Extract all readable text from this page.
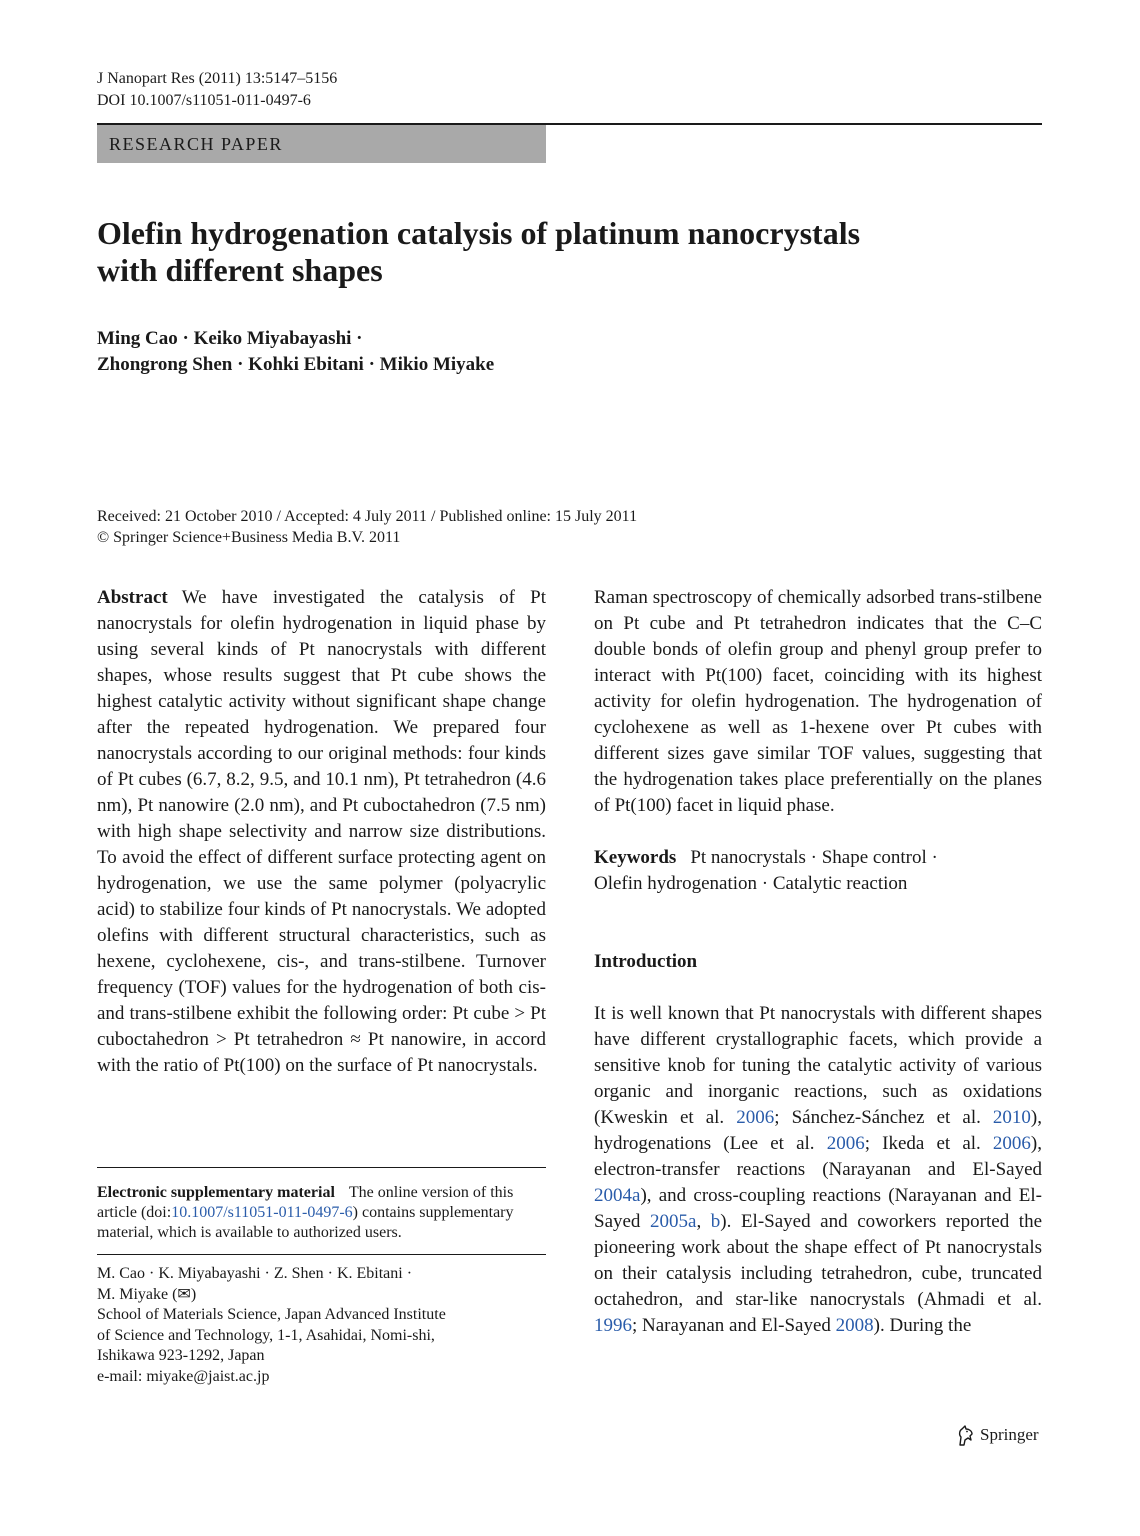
J Nanopart Res (2011) 13:5147–5156
DOI 10.1007/s11051-011-0497-6
RESEARCH PAPER
Olefin hydrogenation catalysis of platinum nanocrystals
with different shapes
Ming Cao · Keiko Miyabayashi ·
Zhongrong Shen · Kohki Ebitani · Mikio Miyake
Received: 21 October 2010 / Accepted: 4 July 2011 / Published online: 15 July 2011
© Springer Science+Business Media B.V. 2011

Abstract We have investigated the catalysis of Pt nanocrystals for olefin hydrogenation in liquid phase by using several kinds of Pt nanocrystals with different shapes, whose results suggest that Pt cube shows the highest catalytic activity without significant shape change after the repeated hydrogenation. We prepared four nanocrystals according to our original methods: four kinds of Pt cubes (6.7, 8.2, 9.5, and 10.1 nm), Pt tetrahedron (4.6 nm), Pt nanowire (2.0 nm), and Pt cuboctahedron (7.5 nm) with high shape selectivity and narrow size distributions. To avoid the effect of different surface protecting agent on hydrogenation, we use the same polymer (polyacrylic acid) to stabilize four kinds of Pt nanocrystals. We adopted olefins with different structural characteristics, such as hexene, cyclohexene, cis-, and trans-stilbene. Turnover frequency (TOF) values for the hydrogenation of both cis- and trans-stilbene exhibit the following order: Pt cube > Pt cuboctahedron > Pt tetrahedron ≈ Pt nanowire, in accord with the ratio of Pt(100) on the surface of Pt nanocrystals.

Electronic supplementary material The online version of this article (doi:10.1007/s11051-011-0497-6) contains supplementary material, which is available to authorized users.
M. Cao · K. Miyabayashi · Z. Shen · K. Ebitani ·
M. Miyake (✉)
School of Materials Science, Japan Advanced Institute
of Science and Technology, 1-1, Asahidai, Nomi-shi,
Ishikawa 923-1292, Japan
e-mail: miyake@jaist.ac.jp

Raman spectroscopy of chemically adsorbed trans-stilbene on Pt cube and Pt tetrahedron indicates that the C–C double bonds of olefin group and phenyl group prefer to interact with Pt(100) facet, coinciding with its highest activity for olefin hydrogenation. The hydrogenation of cyclohexene as well as 1-hexene over Pt cubes with different sizes gave similar TOF values, suggesting that the hydrogenation takes place preferentially on the planes of Pt(100) facet in liquid phase.

Keywords Pt nanocrystals · Shape control ·
Olefin hydrogenation · Catalytic reaction

Introduction

It is well known that Pt nanocrystals with different shapes have different crystallographic facets, which provide a sensitive knob for tuning the catalytic activity of various organic and inorganic reactions, such as oxidations (Kweskin et al. 2006; Sánchez-Sánchez et al. 2010), hydrogenations (Lee et al. 2006; Ikeda et al. 2006), electron-transfer reactions (Narayanan and El-Sayed 2004a), and cross-coupling reactions (Narayanan and El-Sayed 2005a, b). El-Sayed and coworkers reported the pioneering work about the shape effect of Pt nanocrystals on their catalysis including tetrahedron, cube, truncated octahedron, and star-like nanocrystals (Ahmadi et al. 1996; Narayanan and El-Sayed 2008). During the

Springer
